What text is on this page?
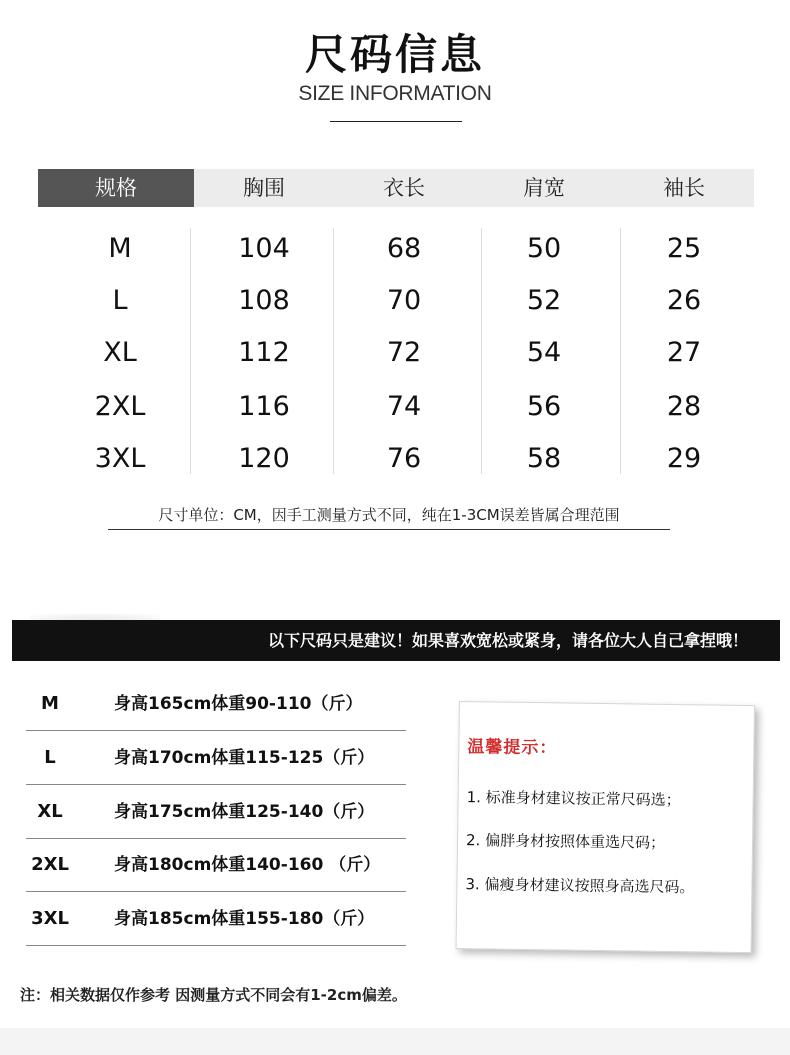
尺码信息
SIZE INFORMATION
规格	胸围	衣长	肩宽	袖长
M	104	68	50	25
L	108	70	52	26
XL	112	72	54	27
2XL	116	74	56	28
3XL	120	76	58	29
尺寸单位：CM，因手工测量方式不同，纯在1-3CM误差皆属合理范围
以下尺码只是建议！如果喜欢宽松或紧身，请各位大人自己拿捏哦！
M	身高165cm体重90-110（斤）
L	身高170cm体重115-125（斤）
XL	身高175cm体重125-140（斤）
2XL	身高180cm体重140-160 （斤）
3XL	身高185cm体重155-180（斤）
温馨提示：
1. 标准身材建议按正常尺码选；
2. 偏胖身材按照体重选尺码；
3. 偏瘦身材建议按照身高选尺码。
注：相关数据仅作参考 因测量方式不同会有1-2cm偏差。
